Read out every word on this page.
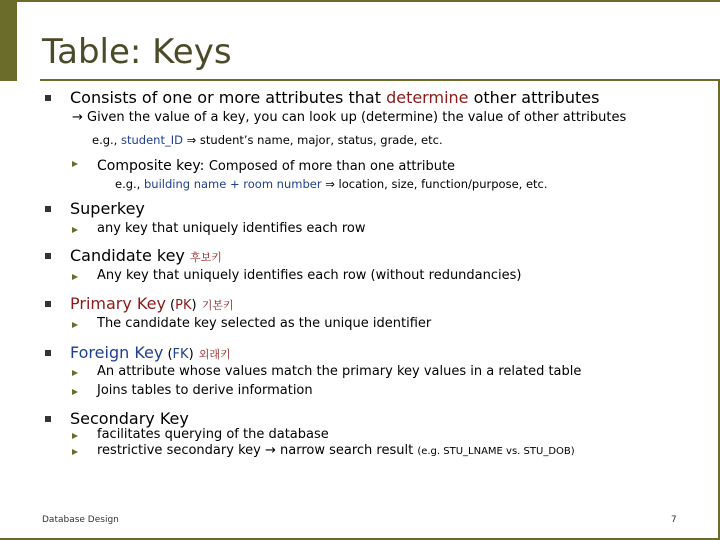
Table: Keys
Consists of one or more attributes that determine other attributes
→ Given the value of a key, you can look up (determine) the value of other attributes
e.g., student_ID ⇒ student’s name, major, status, grade, etc.
Composite key: Composed of more than one attribute
e.g., building name + room number ⇒ location, size, function/purpose, etc.
Superkey
any key that uniquely identifies each row
Candidate key 후보키
Any key that uniquely identifies each row (without redundancies)
Primary Key (PK) 기본키
The candidate key selected as the unique identifier
Foreign Key (FK) 외래키
An attribute whose values match the primary key values in a related table
Joins tables to derive information
Secondary Key
facilitates querying of the database
restrictive secondary key → narrow search result (e.g. STU_LNAME vs. STU_DOB)
Database Design	7
